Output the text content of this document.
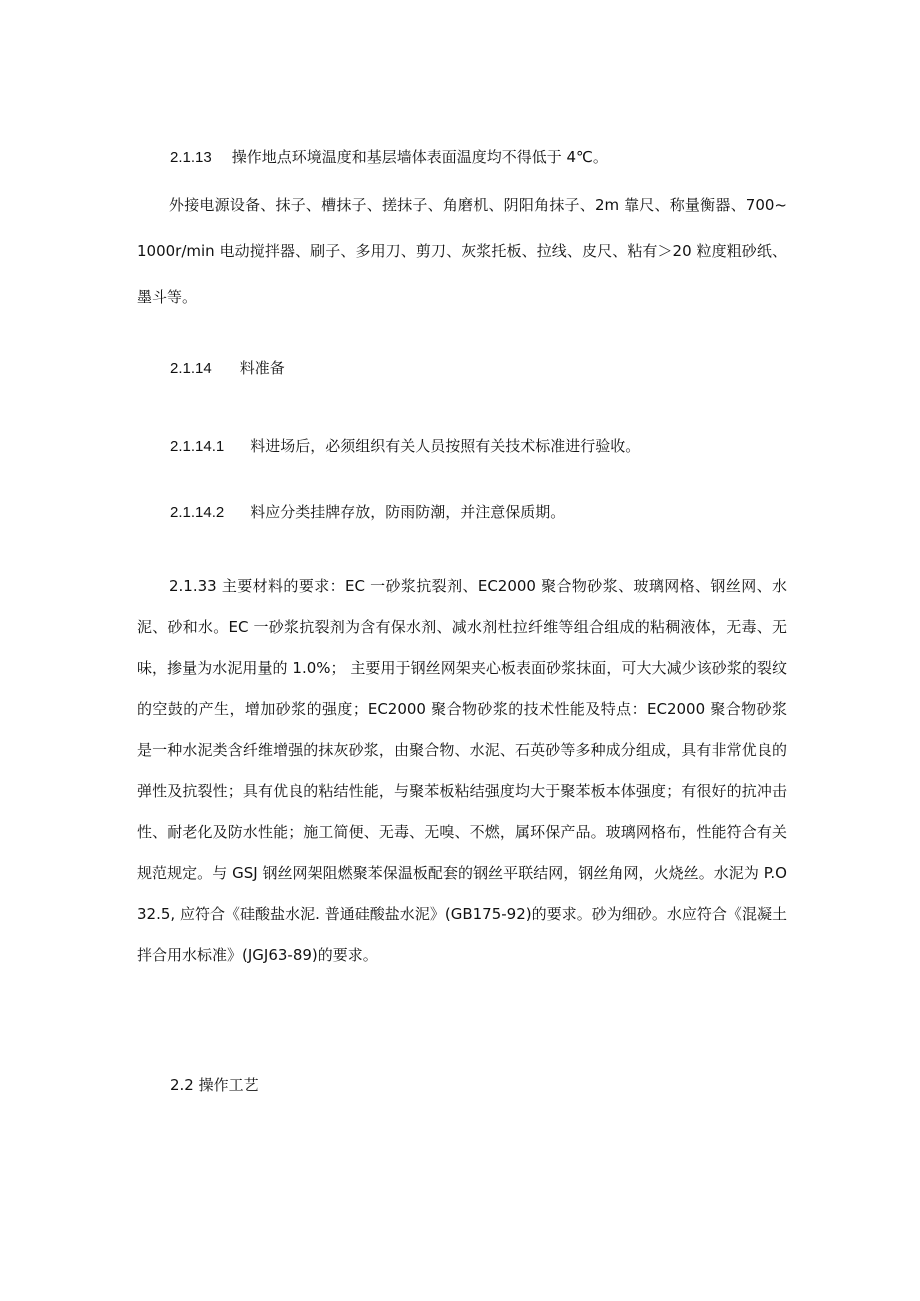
2.1.13 操作地点环境温度和基层墙体表面温度均不得低于 4℃。
外接电源设备、抹子、槽抹子、搓抹子、角磨机、阴阳角抹子、2m 靠尺、称量衡器、700~1000r/min 电动搅拌器、刷子、多用刀、剪刀、灰浆托板、拉线、皮尺、粘有＞20 粒度粗砂纸、墨斗等。
2.1.14 料准备
2.1.14.1 料进场后，必须组织有关人员按照有关技术标准进行验收。
2.1.14.2 料应分类挂牌存放，防雨防潮，并注意保质期。
2.1.33 主要材料的要求：EC 一砂浆抗裂剂、EC2000 聚合物砂浆、玻璃网格、钢丝网、水泥、砂和水。EC 一砂浆抗裂剂为含有保水剂、减水剂杜拉纤维等组合组成的粘稠液体，无毒、无味，掺量为水泥用量的 1.0%； 主要用于钢丝网架夹心板表面砂浆抹面，可大大减少该砂浆的裂纹的空鼓的产生，增加砂浆的强度；EC2000 聚合物砂浆的技术性能及特点：EC2000 聚合物砂浆是一种水泥类含纤维增强的抹灰砂浆，由聚合物、水泥、石英砂等多种成分组成，具有非常优良的弹性及抗裂性；具有优良的粘结性能，与聚苯板粘结强度均大于聚苯板本体强度；有很好的抗冲击性、耐老化及防水性能；施工简便、无毒、无嗅、不燃，属环保产品。玻璃网格布，性能符合有关规范规定。与 GSJ 钢丝网架阻燃聚苯保温板配套的钢丝平联结网，钢丝角网，火烧丝。水泥为 P.O32.5, 应符合《硅酸盐水泥. 普通硅酸盐水泥》(GB175-92)的要求。砂为细砂。水应符合《混凝土拌合用水标准》(JGJ63-89)的要求。
2.2 操作工艺
